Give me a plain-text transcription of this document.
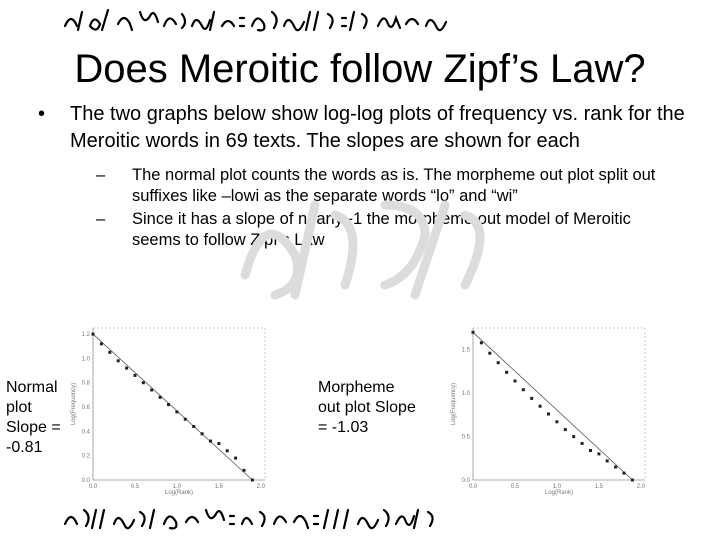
Does Meroitic follow Zipf’s Law?
• The two graphs below show log-log plots of frequency vs. rank for the Meroitic words in 69 texts. The slopes are shown for each
– The normal plot counts the words as is. The morpheme out plot split out suffixes like –lowi as the separate words “lo” and “wi”
– Since it has a slope of nearly -1 the morpheme out model of Meroitic seems to follow Zipf’s Law
0.0	0.5	1.0	1.5	2.0
1.2
1.0
0.8
0.6
0.4
0.2
0.0
Log(Rank)
Log(Frequency)
0.0	0.5	1.0	1.5	2.0
1.5
1.0
0.5
0.0
Log(Rank)
Log(Frequency)
Normal
plot
Slope =
-0.81
Morpheme
out plot Slope
= -1.03
